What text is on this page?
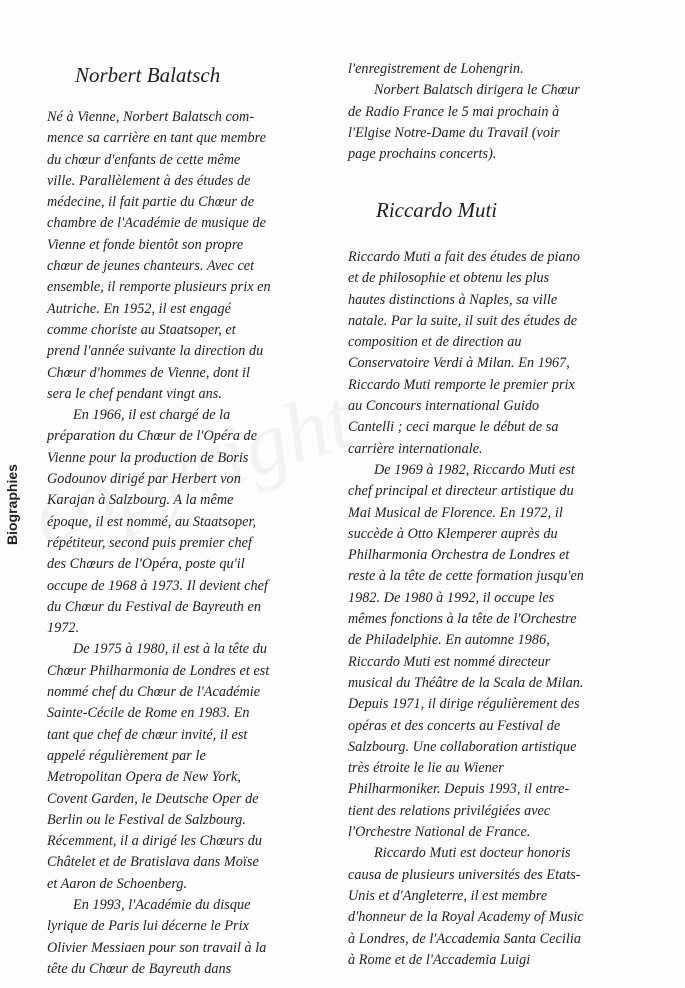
Biographies
Norbert Balatsch
Né à Vienne, Norbert Balatsch com-
mence sa carrière en tant que membre
du chœur d'enfants de cette même
ville. Parallèlement à des études de
médecine, il fait partie du Chœur de
chambre de l'Académie de musique de
Vienne et fonde bientôt son propre
chœur de jeunes chanteurs. Avec cet
ensemble, il remporte plusieurs prix en
Autriche. En 1952, il est engagé
comme choriste au Staatsoper, et
prend l'année suivante la direction du
Chœur d'hommes de Vienne, dont il
sera le chef pendant vingt ans.
En 1966, il est chargé de la
préparation du Chœur de l'Opéra de
Vienne pour la production de Boris
Godounov dirigé par Herbert von
Karajan à Salzbourg. A la même
époque, il est nommé, au Staatsoper,
répétiteur, second puis premier chef
des Chœurs de l'Opéra, poste qu'il
occupe de 1968 à 1973. Il devient chef
du Chœur du Festival de Bayreuth en
1972.
De 1975 à 1980, il est à la tête du
Chœur Philharmonia de Londres et est
nommé chef du Chœur de l'Académie
Sainte-Cécile de Rome en 1983. En
tant que chef de chœur invité, il est
appelé régulièrement par le
Metropolitan Opera de New York,
Covent Garden, le Deutsche Oper de
Berlin ou le Festival de Salzbourg.
Récemment, il a dirigé les Chœurs du
Châtelet et de Bratislava dans Moïse
et Aaron de Schoenberg.
En 1993, l'Académie du disque
lyrique de Paris lui décerne le Prix
Olivier Messiaen pour son travail à la
tête du Chœur de Bayreuth dans
l'enregistrement de Lohengrin.
Norbert Balatsch dirigera le Chœur
de Radio France le 5 mai prochain à
l'Elgise Notre-Dame du Travail (voir
page prochains concerts).
Riccardo Muti
Riccardo Muti a fait des études de piano
et de philosophie et obtenu les plus
hautes distinctions à Naples, sa ville
natale. Par la suite, il suit des études de
composition et de direction au
Conservatoire Verdi à Milan. En 1967,
Riccardo Muti remporte le premier prix
au Concours international Guido
Cantelli ; ceci marque le début de sa
carrière internationale.
De 1969 à 1982, Riccardo Muti est
chef principal et directeur artistique du
Mai Musical de Florence. En 1972, il
succède à Otto Klemperer auprès du
Philharmonia Orchestra de Londres et
reste à la tête de cette formation jusqu'en
1982. De 1980 à 1992, il occupe les
mêmes fonctions à la tête de l'Orchestre
de Philadelphie. En automne 1986,
Riccardo Muti est nommé directeur
musical du Théâtre de la Scala de Milan.
Depuis 1971, il dirige régulièrement des
opéras et des concerts au Festival de
Salzbourg. Une collaboration artistique
très étroite le lie au Wiener
Philharmoniker. Depuis 1993, il entre-
tient des relations privilégiées avec
l'Orchestre National de France.
Riccardo Muti est docteur honoris
causa de plusieurs universités des Etats-
Unis et d'Angleterre, il est membre
d'honneur de la Royal Academy of Music
à Londres, de l'Accademia Santa Cecilia
à Rome et de l'Accademia Luigi
